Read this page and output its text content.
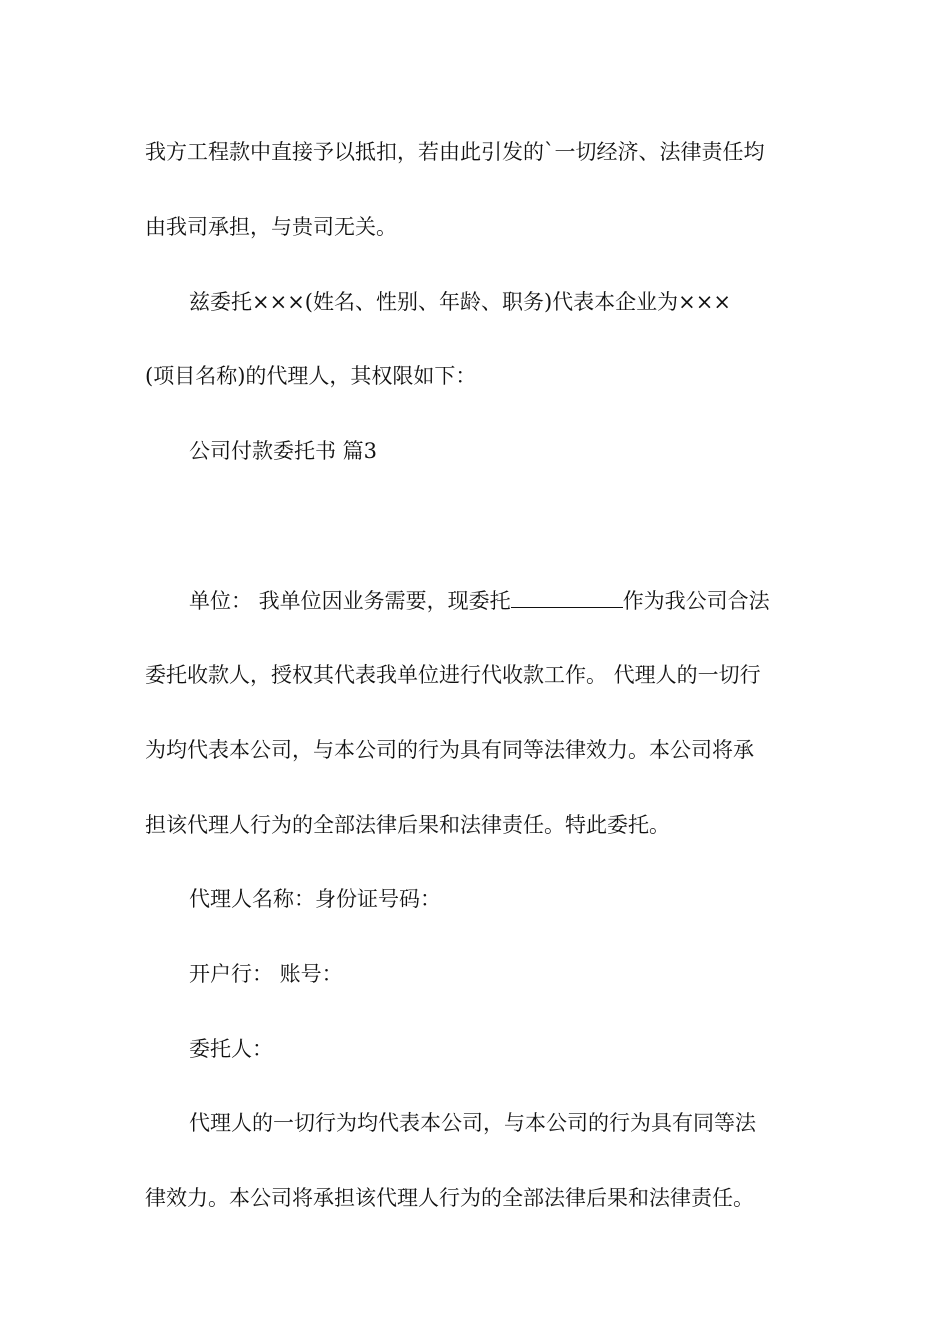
我方工程款中直接予以抵扣，若由此引发的`一切经济、法律责任均
由我司承担，与贵司无关。
兹委托×××(姓名、性别、年龄、职务)代表本企业为×××
(项目名称)的代理人，其权限如下：
公司付款委托书 篇3
单位： 我单位因业务需要，现委托	作为我公司合法
委托收款人，授权其代表我单位进行代收款工作。 代理人的一切行
为均代表本公司，与本公司的行为具有同等法律效力。本公司将承
担该代理人行为的全部法律后果和法律责任。特此委托。
代理人名称：身份证号码：
开户行： 账号：
委托人：
代理人的一切行为均代表本公司，与本公司的行为具有同等法
律效力。本公司将承担该代理人行为的全部法律后果和法律责任。
